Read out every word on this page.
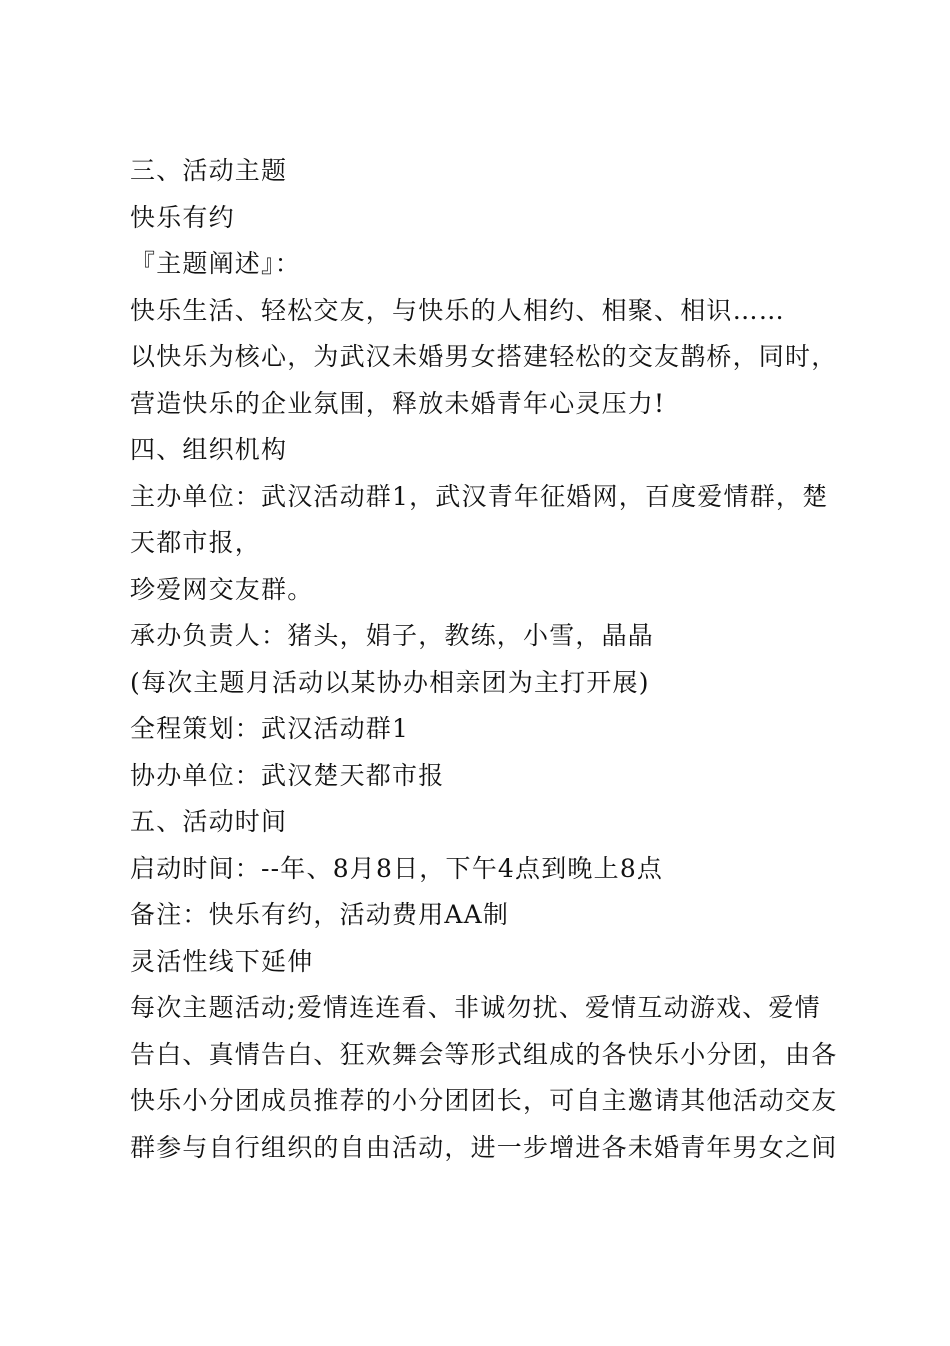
三、活动主题
快乐有约
『主题阐述』：
快乐生活、轻松交友，与快乐的人相约、相聚、相识……
以快乐为核心，为武汉未婚男女搭建轻松的交友鹊桥，同时，
营造快乐的企业氛围，释放未婚青年心灵压力!
四、组织机构
主办单位：武汉活动群1，武汉青年征婚网，百度爱情群，楚
天都市报，
珍爱网交友群。
承办负责人：猪头，娟子，教练，小雪，晶晶
(每次主题月活动以某协办相亲团为主打开展)
全程策划：武汉活动群1
协办单位：武汉楚天都市报
五、活动时间
启动时间：--年、8月8日，下午4点到晚上8点
备注：快乐有约，活动费用AA制
灵活性线下延伸
每次主题活动;爱情连连看、非诚勿扰、爱情互动游戏、爱情
告白、真情告白、狂欢舞会等形式组成的各快乐小分团，由各
快乐小分团成员推荐的小分团团长，可自主邀请其他活动交友
群参与自行组织的自由活动，进一步增进各未婚青年男女之间
